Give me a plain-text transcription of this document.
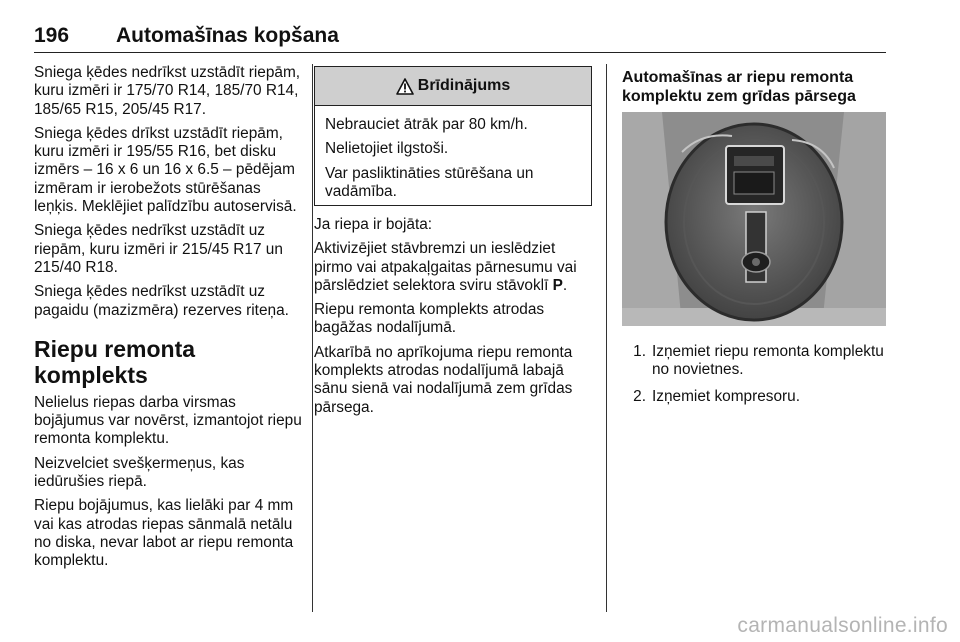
196 Automašīnas kopšana

Sniega ķēdes nedrīkst uzstādīt riepām, kuru izmēri ir 175/70 R14, 185/70 R14, 185/65 R15, 205/45 R17.

Sniega ķēdes drīkst uzstādīt riepām, kuru izmēri ir 195/55 R16, bet disku izmērs – 16 x 6 un 16 x 6.5 – pēdējam izmēram ir ierobežots stūrēšanas leņķis. Meklējiet palīdzību autoservisā.

Sniega ķēdes nedrīkst uzstādīt uz riepām, kuru izmēri ir 215/45 R17 un 215/40 R18.

Sniega ķēdes nedrīkst uzstādīt uz pagaidu (mazizmēra) rezerves riteņa.

Riepu remonta komplekts

Nelielus riepas darba virsmas bojājumus var novērst, izmantojot riepu remonta komplektu.

Neizvelciet svešķermeņus, kas iedūrušies riepā.

Riepu bojājumus, kas lielāki par 4 mm vai kas atrodas riepas sānmalā netālu no diska, nevar labot ar riepu remonta komplektu.

Brīdinājums

Nebrauciet ātrāk par 80 km/h.

Nelietojiet ilgstoši.

Var pasliktināties stūrēšana un vadāmība.

Ja riepa ir bojāta:

Aktivizējiet stāvbremzi un ieslēdziet pirmo vai atpakaļgaitas pārnesumu vai pārslēdziet selektora sviru stāvoklī P.

Riepu remonta komplekts atrodas bagāžas nodalījumā.

Atkarībā no aprīkojuma riepu remonta komplekts atrodas nodalījumā labajā sānu sienā vai nodalījumā zem grīdas pārsega.

Automašīnas ar riepu remonta komplektu zem grīdas pārsega
1. Izņemiet riepu remonta komplektu no novietnes.
2. Izņemiet kompresoru.
carmanualsonline.info
